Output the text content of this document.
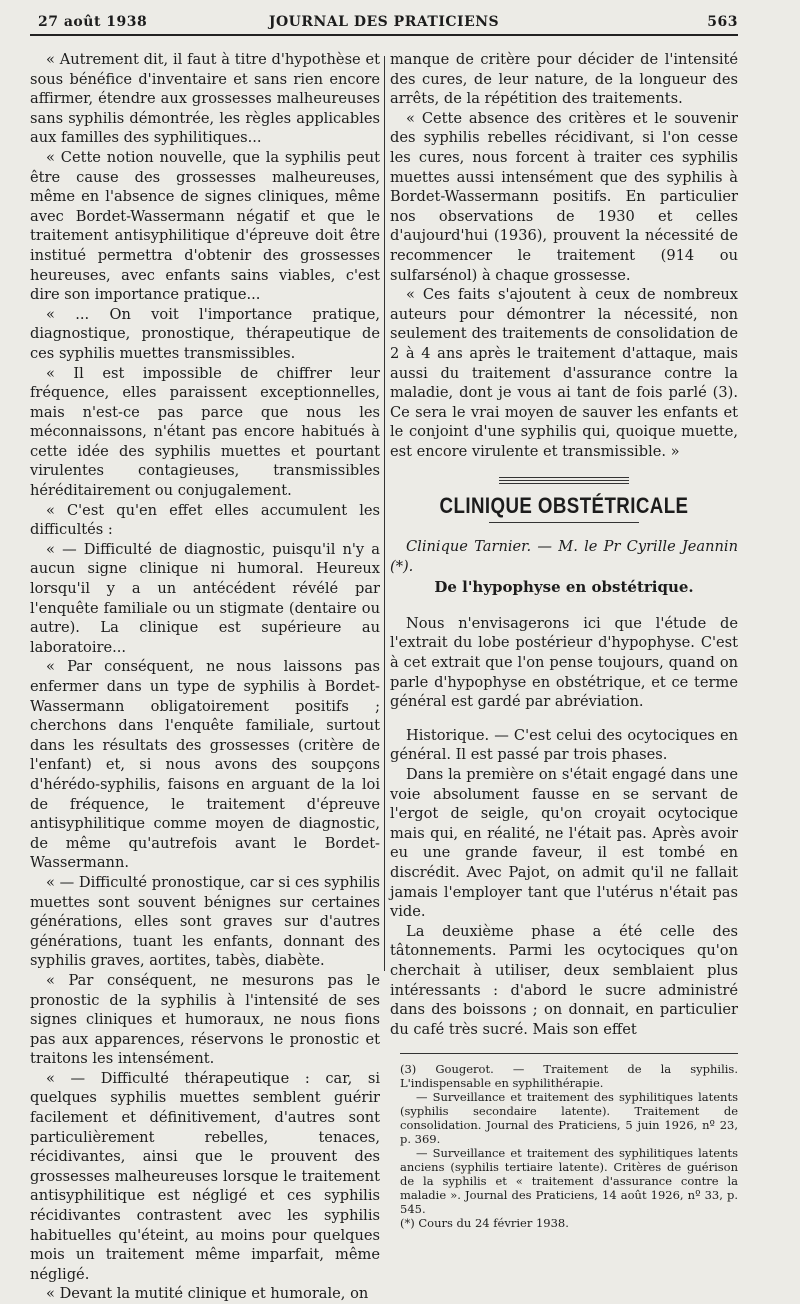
27 août 1938	JOURNAL DES PRATICIENS	563

« Autrement dit, il faut à titre d'hypothèse et sous bénéfice d'inventaire et sans rien encore affirmer, étendre aux grossesses malheureuses sans syphilis démontrée, les règles applicables aux familles des syphilitiques...

« Cette notion nouvelle, que la syphilis peut être cause des grossesses malheureuses, même en l'absence de signes cliniques, même avec Bordet-Wassermann négatif et que le traitement antisyphilitique d'épreuve doit être institué permettra d'obtenir des grossesses heureuses, avec enfants sains viables, c'est dire son importance pratique...

« ... On voit l'importance pratique, diagnostique, pronostique, thérapeutique de ces syphilis muettes transmissibles.

« Il est impossible de chiffrer leur fréquence, elles paraissent exceptionnelles, mais n'est-ce pas parce que nous les méconnaissons, n'étant pas encore habitués à cette idée des syphilis muettes et pourtant virulentes contagieuses, transmissibles héréditairement ou conjugalement.

« C'est qu'en effet elles accumulent les difficultés :

« — Difficulté de diagnostic, puisqu'il n'y a aucun signe clinique ni humoral. Heureux lorsqu'il y a un antécédent révélé par l'enquête familiale ou un stigmate (dentaire ou autre). La clinique est supérieure au laboratoire...

« Par conséquent, ne nous laissons pas enfermer dans un type de syphilis à Bordet-Wassermann obligatoirement positifs ; cherchons dans l'enquête familiale, surtout dans les résultats des grossesses (critère de l'enfant) et, si nous avons des soupçons d'hérédo-syphilis, faisons en arguant de la loi de fréquence, le traitement d'épreuve antisyphilitique comme moyen de diagnostic, de même qu'autrefois avant le Bordet-Wassermann.

« — Difficulté pronostique, car si ces syphilis muettes sont souvent bénignes sur certaines générations, elles sont graves sur d'autres générations, tuant les enfants, donnant des syphilis graves, aortites, tabès, diabète.

« Par conséquent, ne mesurons pas le pronostic de la syphilis à l'intensité de ses signes cliniques et humoraux, ne nous fions pas aux apparences, réservons le pronostic et traitons les intensément.

« — Difficulté thérapeutique : car, si quelques syphilis muettes semblent guérir facilement et définitivement, d'autres sont particulièrement rebelles, tenaces, récidivantes, ainsi que le prouvent des grossesses malheureuses lorsque le traitement antisyphilitique est négligé et ces syphilis récidivantes contrastent avec les syphilis habituelles qu'éteint, au moins pour quelques mois un traitement même imparfait, même négligé.

« Devant la mutité clinique et humorale, on

manque de critère pour décider de l'intensité des cures, de leur nature, de la longueur des arrêts, de la répétition des traitements.

« Cette absence des critères et le souvenir des syphilis rebelles récidivant, si l'on cesse les cures, nous forcent à traiter ces syphilis muettes aussi intensément que des syphilis à Bordet-Wassermann positifs. En particulier nos observations de 1930 et celles d'aujourd'hui (1936), prouvent la nécessité de recommencer le traitement (914 ou sulfarsénol) à chaque grossesse.

« Ces faits s'ajoutent à ceux de nombreux auteurs pour démontrer la nécessité, non seulement des traitements de consolidation de 2 à 4 ans après le traitement d'attaque, mais aussi du traitement d'assurance contre la maladie, dont je vous ai tant de fois parlé (3). Ce sera le vrai moyen de sauver les enfants et le conjoint d'une syphilis qui, quoique muette, est encore virulente et transmissible. »

CLINIQUE OBSTÉTRICALE

Clinique Tarnier. — M. le Pr Cyrille Jeannin (*).

De l'hypophyse en obstétrique.

Nous n'envisagerons ici que l'étude de l'extrait du lobe postérieur d'hypophyse. C'est à cet extrait que l'on pense toujours, quand on parle d'hypophyse en obstétrique, et ce terme général est gardé par abréviation.

Historique. — C'est celui des ocytociques en général. Il est passé par trois phases.

Dans la première on s'était engagé dans une voie absolument fausse en se servant de l'ergot de seigle, qu'on croyait ocytocique mais qui, en réalité, ne l'était pas. Après avoir eu une grande faveur, il est tombé en discrédit. Avec Pajot, on admit qu'il ne fallait jamais l'employer tant que l'utérus n'était pas vide.

La deuxième phase a été celle des tâtonnements. Parmi les ocytociques qu'on cherchait à utiliser, deux semblaient plus intéressants : d'abord le sucre administré dans des boissons ; on donnait, en particulier du café très sucré. Mais son effet

(3) Gougerot. — Traitement de la syphilis. L'indispensable en syphilithérapie.

— Surveillance et traitement des syphilitiques latents (syphilis secondaire latente). Traitement de consolidation. Journal des Praticiens, 5 juin 1926, nº 23, p. 369.

— Surveillance et traitement des syphilitiques latents anciens (syphilis tertiaire latente). Critères de guérison de la syphilis et « traitement d'assurance contre la maladie ». Journal des Praticiens, 14 août 1926, nº 33, p. 545.

(*) Cours du 24 février 1938.
